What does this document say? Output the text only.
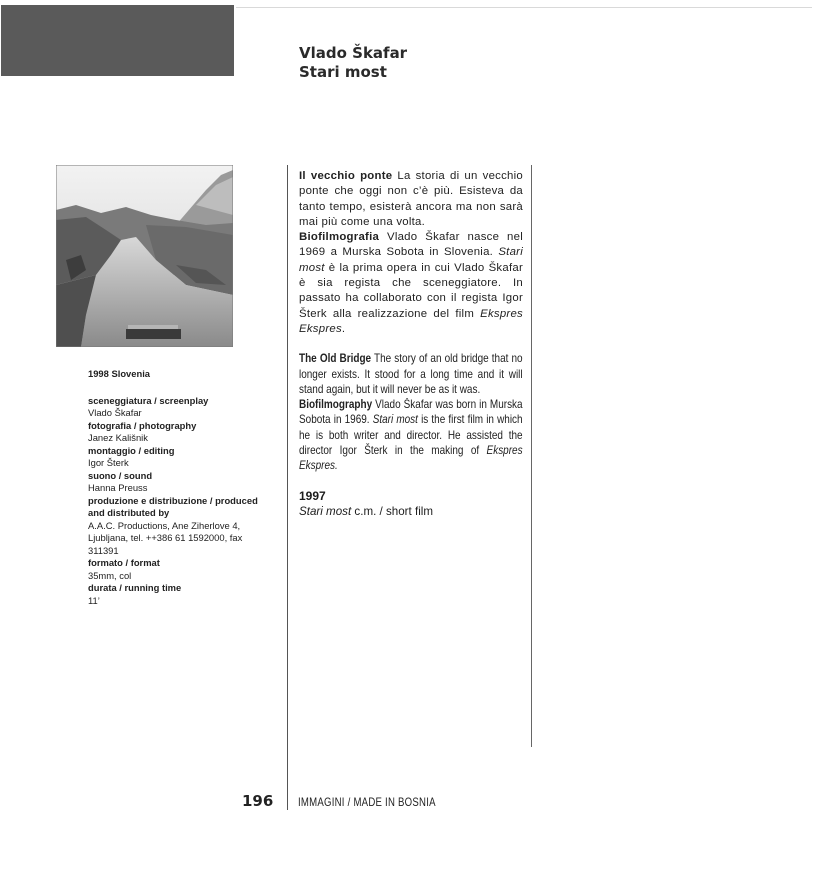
Vlado Škafar
Stari most
1998 Slovenia
sceneggiatura / screenplay
Vlado Škafar
fotografia / photography
Janez Kališnik
montaggio / editing
Igor Šterk
suono / sound
Hanna Preuss
produzione e distribuzione / produced and distributed by
A.A.C. Productions, Ane Ziherlove 4, Ljubljana, tel. ++386 61 1592000, fax 311391
formato / format
35mm, col
durata / running time
11’
Il vecchio ponte La storia di un vecchio ponte che oggi non c’è più. Esisteva da tanto tempo, esisterà ancora ma non sarà mai più come una volta.
Biofilmografia Vlado Škafar nasce nel 1969 a Murska Sobota in Slovenia. Stari most è la prima opera in cui Vlado Škafar è sia regista che sceneggiatore. In passato ha collaborato con il regista Igor Šterk alla realizzazione del film Ekspres Ekspres.
The Old Bridge The story of an old bridge that no longer exists. It stood for a long time and it will stand again, but it will never be as it was.
Biofilmography Vlado Škafar was born in Murska Sobota in 1969. Stari most is the first film in which he is both writer and director. He assisted the director Igor Šterk in the making of Ekspres Ekspres.
1997
Stari most c.m. / short film
196 IMMAGINI / MADE IN BOSNIA
